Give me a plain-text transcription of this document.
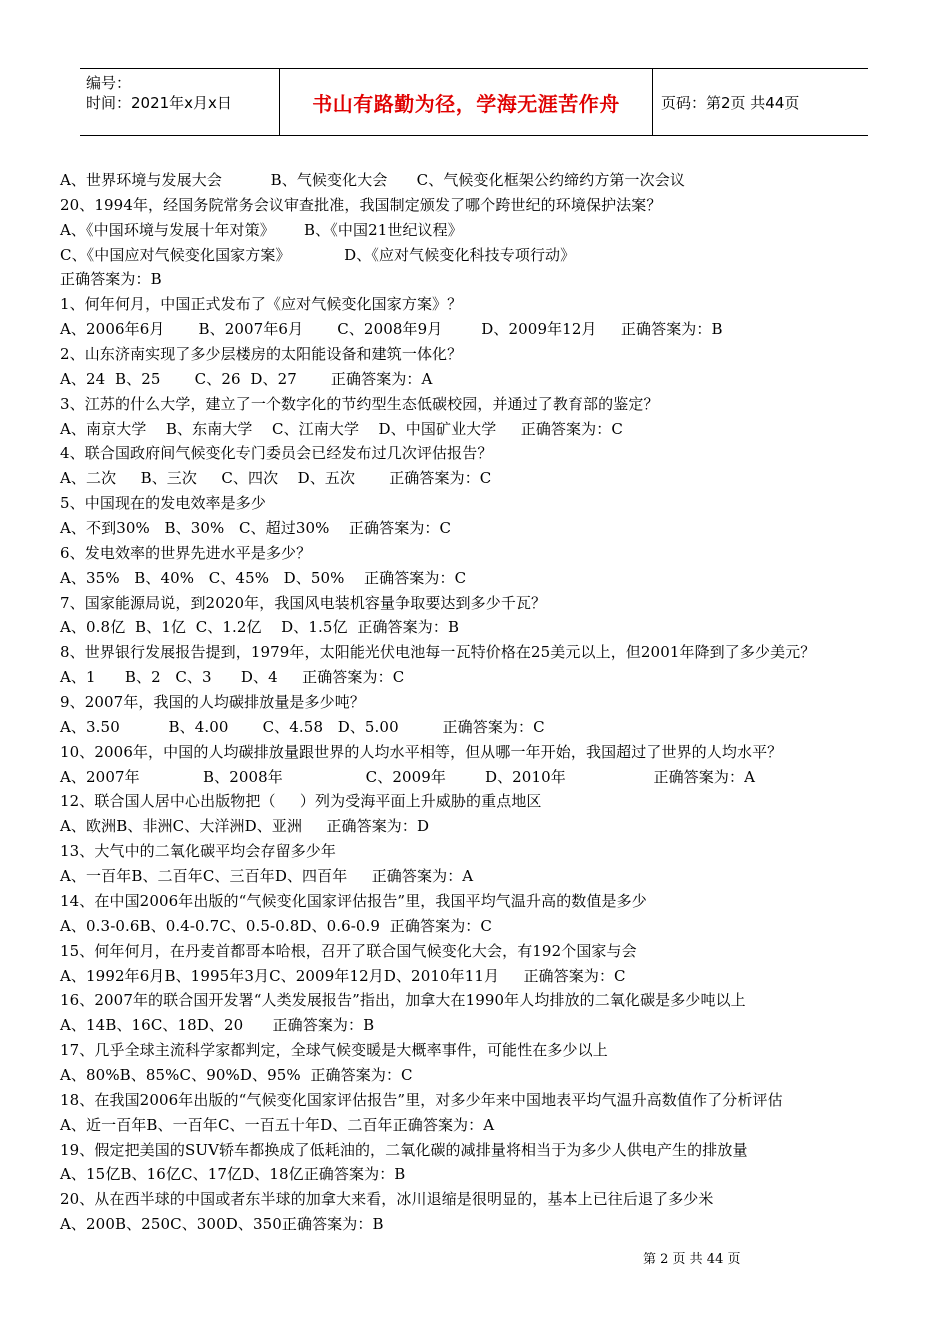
编号：
时间：2021年x月x日	书山有路勤为径，学海无涯苦作舟	页码：第2页 共44页
A、世界环境与发展大会          B、气候变化大会      C、气候变化框架公约缔约方第一次会议
20、1994年，经国务院常务会议审查批准，我国制定颁发了哪个跨世纪的环境保护法案？
A、《中国环境与发展十年对策》      B、《中国21世纪议程》
C、《中国应对气候变化国家方案》           D、《应对气候变化科技专项行动》
正确答案为：B
1、何年何月，中国正式发布了《应对气候变化国家方案》？
A、2006年6月       B、2007年6月       C、2008年9月        D、2009年12月     正确答案为：B
2、山东济南实现了多少层楼房的太阳能设备和建筑一体化？
A、24  B、25       C、26  D、27       正确答案为：A
3、江苏的什么大学，建立了一个数字化的节约型生态低碳校园，并通过了教育部的鉴定？
A、南京大学    B、东南大学    C、江南大学    D、中国矿业大学     正确答案为：C
4、联合国政府间气候变化专门委员会已经发布过几次评估报告？
A、二次     B、三次     C、四次    D、五次       正确答案为：C
5、中国现在的发电效率是多少
A、不到30%   B、30%   C、超过30%    正确答案为：C
6、发电效率的世界先进水平是多少？
A、35%   B、40%   C、45%   D、50%    正确答案为：C
7、国家能源局说，到2020年，我国风电装机容量争取要达到多少千瓦？
A、0.8亿  B、1亿  C、1.2亿    D、1.5亿  正确答案为：B
8、世界银行发展报告提到，1979年，太阳能光伏电池每一瓦特价格在25美元以上，但2001年降到了多少美元？
A、1      B、2   C、3      D、4     正确答案为：C
9、2007年，我国的人均碳排放量是多少吨？
A、3.50          B、4.00       C、4.58   D、5.00         正确答案为：C
10、2006年，中国的人均碳排放量跟世界的人均水平相等，但从哪一年开始，我国超过了世界的人均水平？
A、2007年             B、2008年                 C、2009年        D、2010年                  正确答案为：A
12、联合国人居中心出版物把（     ）列为受海平面上升威胁的重点地区
A、欧洲B、非洲C、大洋洲D、亚洲     正确答案为：D
13、大气中的二氧化碳平均会存留多少年
A、一百年B、二百年C、三百年D、四百年     正确答案为：A
14、在中国2006年出版的“气候变化国家评估报告”里，我国平均气温升高的数值是多少
A、0.3-0.6B、0.4-0.7C、0.5-0.8D、0.6-0.9  正确答案为：C
15、何年何月，在丹麦首都哥本哈根，召开了联合国气候变化大会，有192个国家与会
A、1992年6月B、1995年3月C、2009年12月D、2010年11月     正确答案为：C
16、2007年的联合国开发署“人类发展报告”指出，加拿大在1990年人均排放的二氧化碳是多少吨以上
A、14B、16C、18D、20      正确答案为：B
17、几乎全球主流科学家都判定，全球气候变暖是大概率事件，可能性在多少以上
A、80%B、85%C、90%D、95%  正确答案为：C
18、在我国2006年出版的“气候变化国家评估报告”里，对多少年来中国地表平均气温升高数值作了分析评估
A、近一百年B、一百年C、一百五十年D、二百年正确答案为：A
19、假定把美国的SUV轿车都换成了低耗油的，二氧化碳的减排量将相当于为多少人供电产生的排放量
A、15亿B、16亿C、17亿D、18亿正确答案为：B
20、从在西半球的中国或者东半球的加拿大来看，冰川退缩是很明显的，基本上已往后退了多少米
A、200B、250C、300D、350正确答案为：B
第 2 页 共 44 页
